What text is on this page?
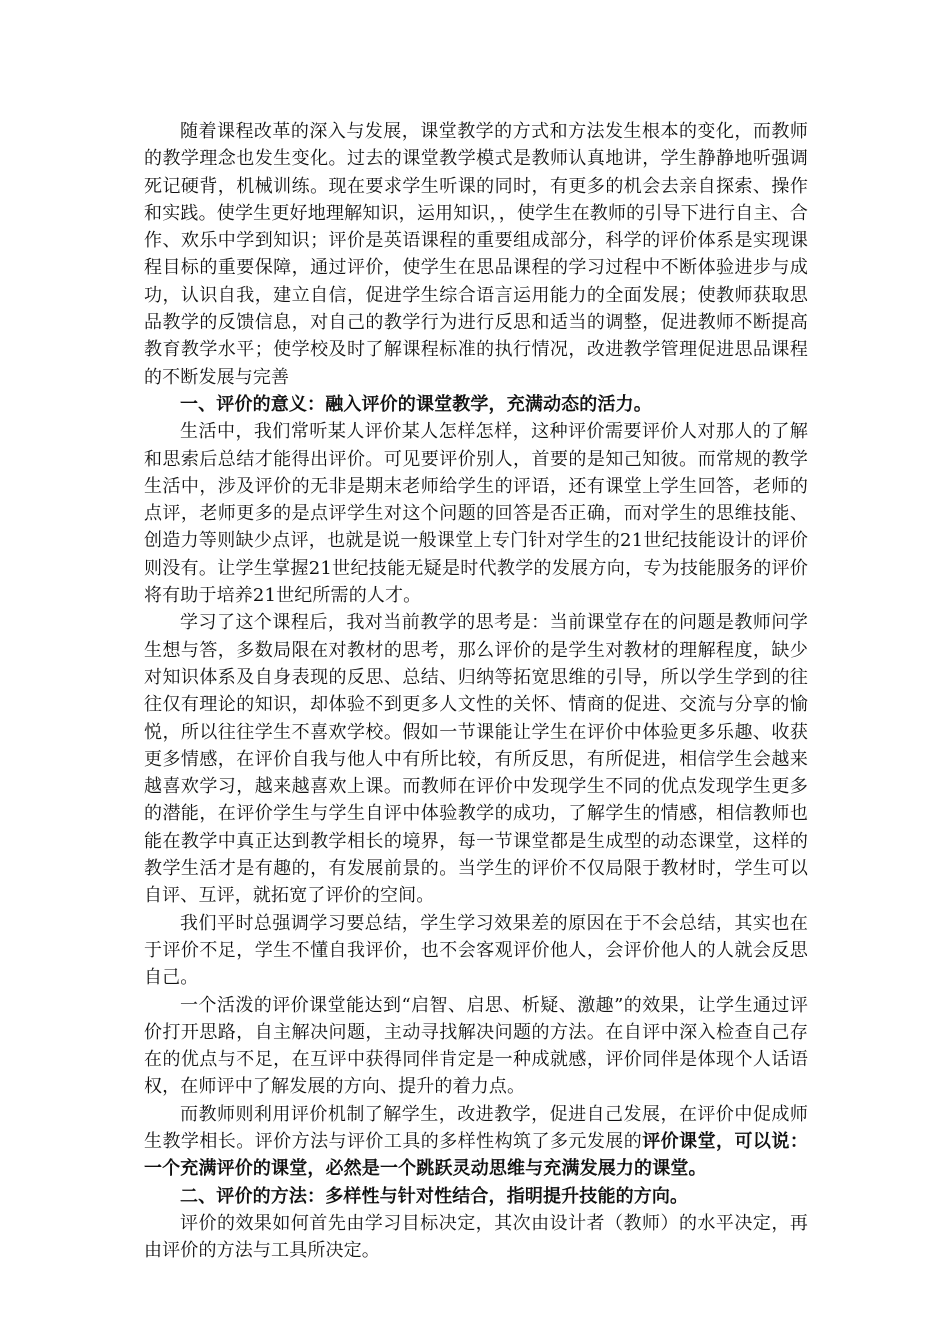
随着课程改革的深入与发展，课堂教学的方式和方法发生根本的变化，而教师的教学理念也发生变化。过去的课堂教学模式是教师认真地讲，学生静静地听强调死记硬背，机械训练。现在要求学生听课的同时，有更多的机会去亲自探索、操作和实践。使学生更好地理解知识，运用知识，，使学生在教师的引导下进行自主、合作、欢乐中学到知识；评价是英语课程的重要组成部分，科学的评价体系是实现课程目标的重要保障，通过评价，使学生在思品课程的学习过程中不断体验进步与成功，认识自我，建立自信，促进学生综合语言运用能力的全面发展；使教师获取思品教学的反馈信息，对自己的教学行为进行反思和适当的调整，促进教师不断提高教育教学水平；使学校及时了解课程标准的执行情况，改进教学管理促进思品课程的不断发展与完善

一、评价的意义：融入评价的课堂教学，充满动态的活力。

生活中，我们常听某人评价某人怎样怎样，这种评价需要评价人对那人的了解和思索后总结才能得出评价。可见要评价别人，首要的是知己知彼。而常规的教学生活中，涉及评价的无非是期末老师给学生的评语，还有课堂上学生回答，老师的点评，老师更多的是点评学生对这个问题的回答是否正确，而对学生的思维技能、创造力等则缺少点评，也就是说一般课堂上专门针对学生的21世纪技能设计的评价则没有。让学生掌握21世纪技能无疑是时代教学的发展方向，专为技能服务的评价将有助于培养21世纪所需的人才。

学习了这个课程后，我对当前教学的思考是：当前课堂存在的问题是教师问学生想与答，多数局限在对教材的思考，那么评价的是学生对教材的理解程度，缺少对知识体系及自身表现的反思、总结、归纳等拓宽思维的引导，所以学生学到的往往仅有理论的知识，却体验不到更多人文性的关怀、情商的促进、交流与分享的愉悦，所以往往学生不喜欢学校。假如一节课能让学生在评价中体验更多乐趣、收获更多情感，在评价自我与他人中有所比较，有所反思，有所促进，相信学生会越来越喜欢学习，越来越喜欢上课。而教师在评价中发现学生不同的优点发现学生更多的潜能，在评价学生与学生自评中体验教学的成功，了解学生的情感，相信教师也能在教学中真正达到教学相长的境界，每一节课堂都是生成型的动态课堂，这样的教学生活才是有趣的，有发展前景的。当学生的评价不仅局限于教材时，学生可以自评、互评，就拓宽了评价的空间。

我们平时总强调学习要总结，学生学习效果差的原因在于不会总结，其实也在于评价不足，学生不懂自我评价，也不会客观评价他人，会评价他人的人就会反思自己。

一个活泼的评价课堂能达到“启智、启思、析疑、激趣”的效果，让学生通过评价打开思路，自主解决问题，主动寻找解决问题的方法。在自评中深入检查自己存在的优点与不足，在互评中获得同伴肯定是一种成就感，评价同伴是体现个人话语权，在师评中了解发展的方向、提升的着力点。

而教师则利用评价机制了解学生，改进教学，促进自己发展，在评价中促成师生教学相长。评价方法与评价工具的多样性构筑了多元发展的评价课堂，可以说：一个充满评价的课堂，必然是一个跳跃灵动思维与充满发展力的课堂。

二、评价的方法：多样性与针对性结合，指明提升技能的方向。

评价的效果如何首先由学习目标决定，其次由设计者（教师）的水平决定，再由评价的方法与工具所决定。
